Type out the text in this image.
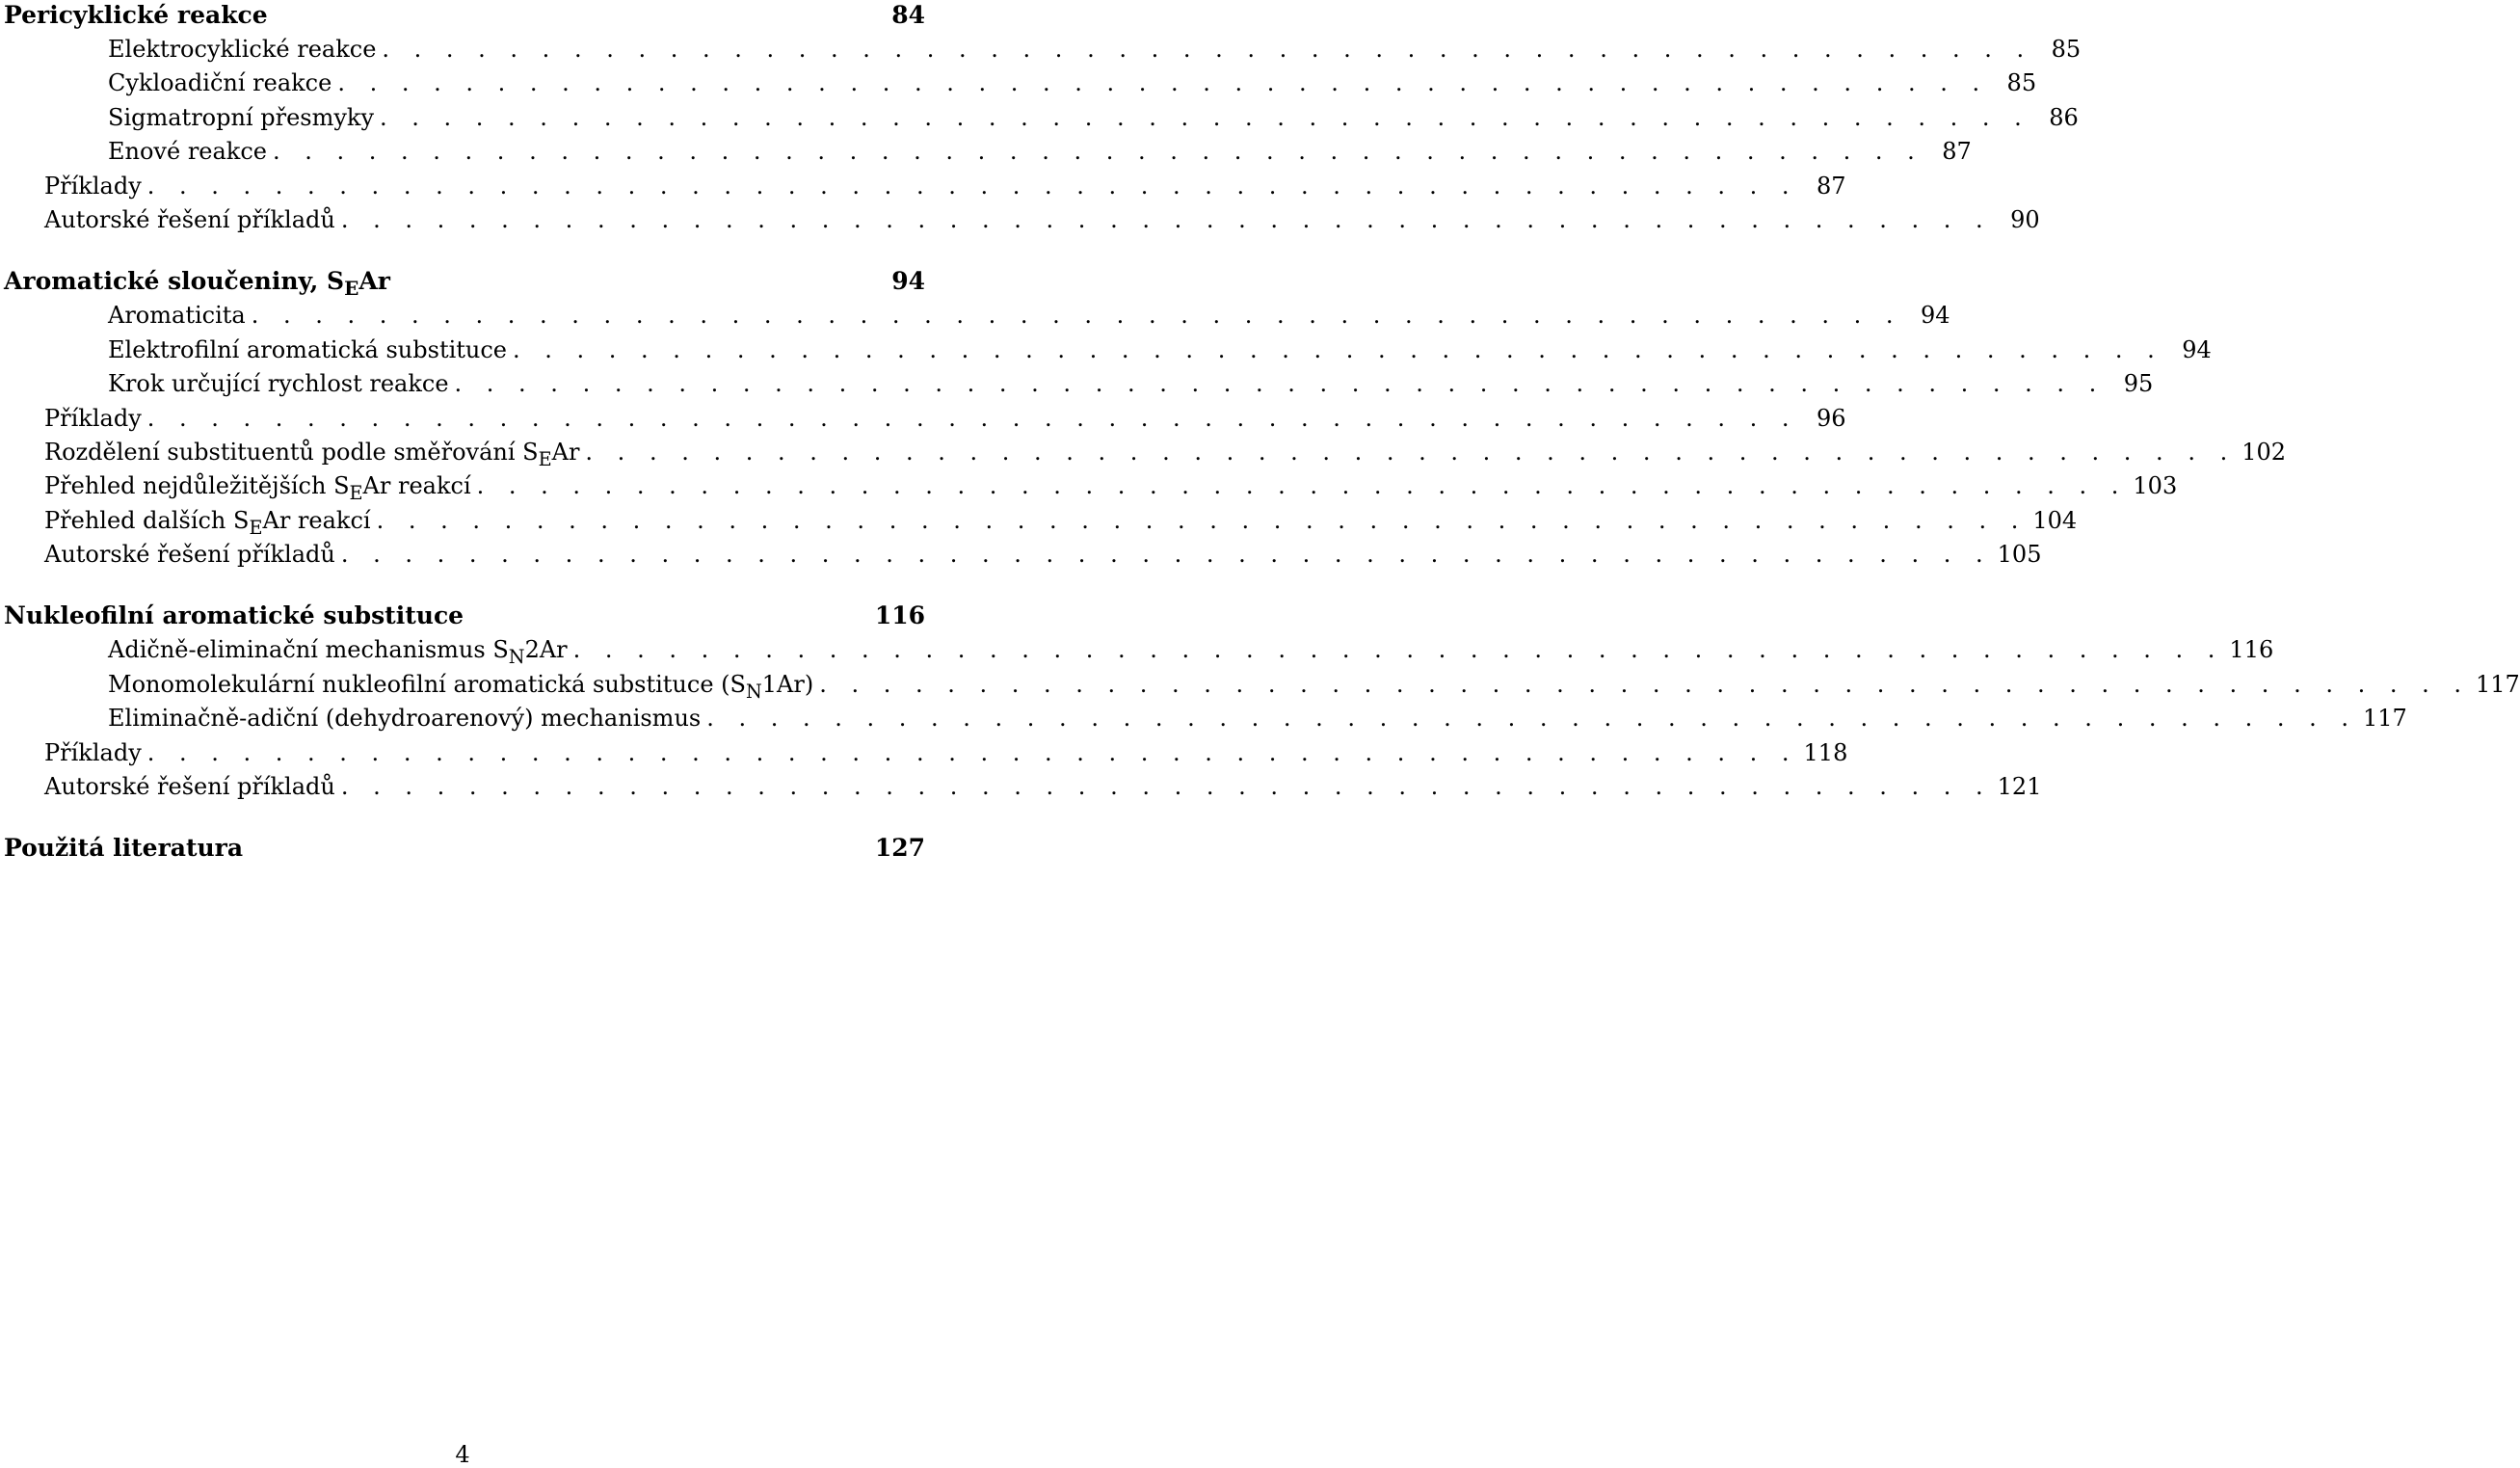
Pericyklické reakce	84
Elektrocyklické reakce . . . . . . . . . . . . . . . . . . . . . . . . . . . . . . . . . . . . . . . . . . . . . . . . . . . . 85
Cykloadiční reakce . . . . . . . . . . . . . . . . . . . . . . . . . . . . . . . . . . . . . . . . . . . . . . . . . . . . 85
Sigmatropní přesmyky . . . . . . . . . . . . . . . . . . . . . . . . . . . . . . . . . . . . . . . . . . . . . . . . . . . . 86
Enové reakce . . . . . . . . . . . . . . . . . . . . . . . . . . . . . . . . . . . . . . . . . . . . . . . . . . . . 87
Příklady . . . . . . . . . . . . . . . . . . . . . . . . . . . . . . . . . . . . . . . . . . . . . . . . . . . . 87
Autorské řešení příkladů . . . . . . . . . . . . . . . . . . . . . . . . . . . . . . . . . . . . . . . . . . . . . . . . . . . . 90
Aromatické sloučeniny, $S_EAr$	94
Aromaticita . . . . . . . . . . . . . . . . . . . . . . . . . . . . . . . . . . . . . . . . . . . . . . . . . . . . 94
Elektrofilní aromatická substituce . . . . . . . . . . . . . . . . . . . . . . . . . . . . . . . . . . . . . . . . . . . . . . . . . . . . 94
Krok určující rychlost reakce . . . . . . . . . . . . . . . . . . . . . . . . . . . . . . . . . . . . . . . . . . . . . . . . . . . . 95
Příklady . . . . . . . . . . . . . . . . . . . . . . . . . . . . . . . . . . . . . . . . . . . . . . . . . . . . 96
Rozdělení substituentů podle směřování $S_EAr$ . . . . . . . . . . . . . . . . . . . . . . . . . . . . . . . . . . . . . . . . . . . . . . . . . . . . 102
Přehled nejdůležitějších $S_EAr$ reakcí . . . . . . . . . . . . . . . . . . . . . . . . . . . . . . . . . . . . . . . . . . . . . . . . . . . . 103
Přehled dalších $S_EAr$ reakcí . . . . . . . . . . . . . . . . . . . . . . . . . . . . . . . . . . . . . . . . . . . . . . . . . . . . 104
Autorské řešení příkladů . . . . . . . . . . . . . . . . . . . . . . . . . . . . . . . . . . . . . . . . . . . . . . . . . . . . 105
Nukleofilní aromatické substituce	116
Adičně-eliminační mechanismus $S_N2Ar$ . . . . . . . . . . . . . . . . . . . . . . . . . . . . . . . . . . . . . . . . . . . . . . . . . . . . 116
Monomolekulární nukleofilní aromatická substituce $(S_N1Ar)$ . . . . . . . . . . . . . . . . . . . . . . . . . . . . . . . . . . . . . . . . . . . . . . . . . . . . 117
Eliminačně-adiční (dehydroarenový) mechanismus . . . . . . . . . . . . . . . . . . . . . . . . . . . . . . . . . . . . . . . . . . . . . . . . . . . . 117
Příklady . . . . . . . . . . . . . . . . . . . . . . . . . . . . . . . . . . . . . . . . . . . . . . . . . . . . 118
Autorské řešení příkladů . . . . . . . . . . . . . . . . . . . . . . . . . . . . . . . . . . . . . . . . . . . . . . . . . . . . 121
Použitá literatura	127
4
